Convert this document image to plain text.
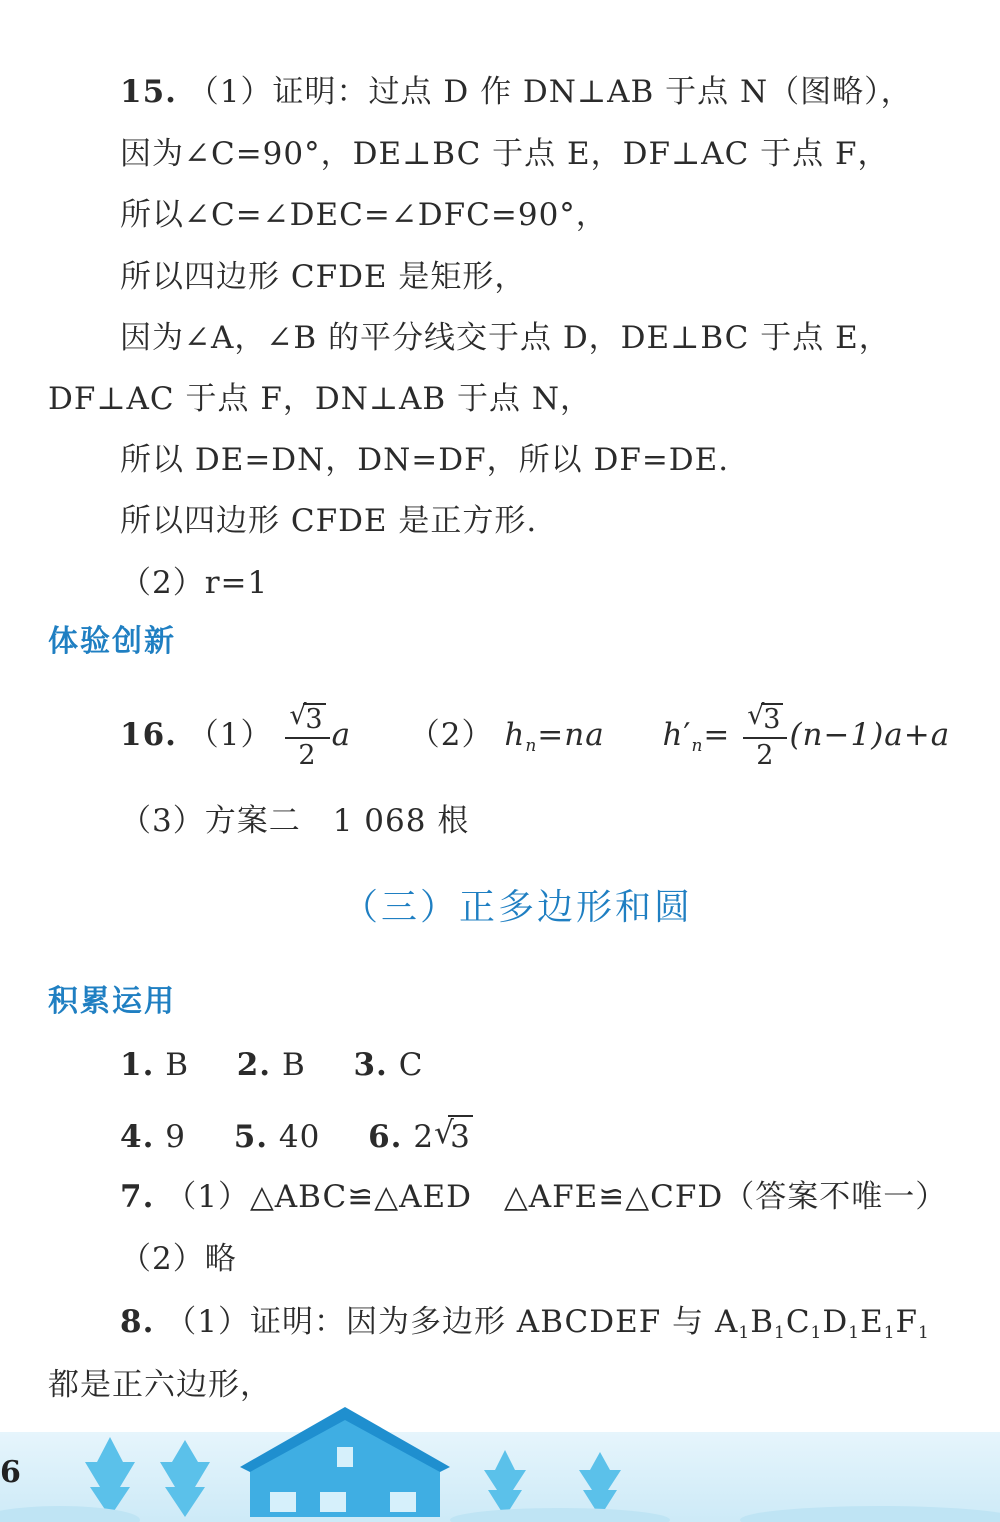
15. （1）证明：过点 D 作 DN⊥AB 于点 N（图略），
因为∠C=90°，DE⊥BC 于点 E，DF⊥AC 于点 F，
所以∠C=∠DEC=∠DFC=90°，
所以四边形 CFDE 是矩形，
因为∠A，∠B 的平分线交于点 D，DE⊥BC 于点 E，
DF⊥AC 于点 F，DN⊥AB 于点 N，
所以 DE=DN，DN=DF，所以 DF=DE.
所以四边形 CFDE 是正方形.
（2）r=1
体验创新
16. （1） √
3
2 a （2） $h_n=na$ $h'_n=$ √
3
2 (n−1)a+a
（3）方案二　1 068 根
（三）正多边形和圆
积累运用
1. B 2. B 3. C
4. 9 5. 40 6. 2 √
3
7. （1）△ABC≌△AED　△AFE≌△CFD（答案不唯一）
（2）略
8. （1）证明：因为多边形 ABCDEF 与 $A_1B_1C_1D_1E_1F_1$
都是正六边形，
6
